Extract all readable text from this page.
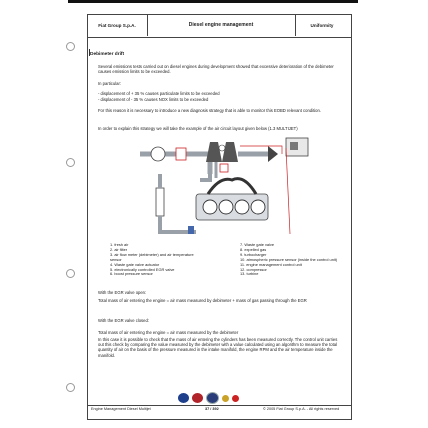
Fiat Group S.p.A.	Diesel engine management	Uniformity
Debimeter drift
Several emissions tests carried out on diesel engines during development showed that excessive deterioration of the debimeter causes emission limits to be exceeded.
In particular:
- displacement of + 35 % causes particulate limits to be exceeded
- displacement of - 35 % causes NOX limits to be exceeded
For this reason it is necessary to introduce a new diagnosis strategy that is able to monitor this EOBD relevant condition.
In order to explain this strategy we will take the example of the air circuit layout given below (1.3 MULTIJET)
1. fresh air
2. air filter
3. air flow meter (debimeter) and air temperature sensor
4. Waste gate valve actuator
5. electronically controlled EGR valve
6. boost pressure sensor
7. Waste gate valve
8. expelled gas
9. turbocharger
10. atmospheric pressure sensor (inside the control unit)
11. engine management control unit
12. compressor
13. turbine
With the EGR valve open:
Total mass of air entering the engine = air mass measured by debimeter + mass of gas passing through the EGR
With the EGR valve closed:
Total mass of air entering the engine = air mass measured by the debimeter
In this case it is possible to check that the mass of air entering the cylinders has been measured correctly. The control unit carries out this check by comparing the value measured by the debimeter with a value calculated using an algorithm to measure the total quantity of air on the basis of the pressure measured in the intake manifold, the engine RPM and the air temperature inside the manifold.
Engine Management Diesel Multijet	37 / 392	© 2005 Fiat Group S.p.A. - All rights reserved
